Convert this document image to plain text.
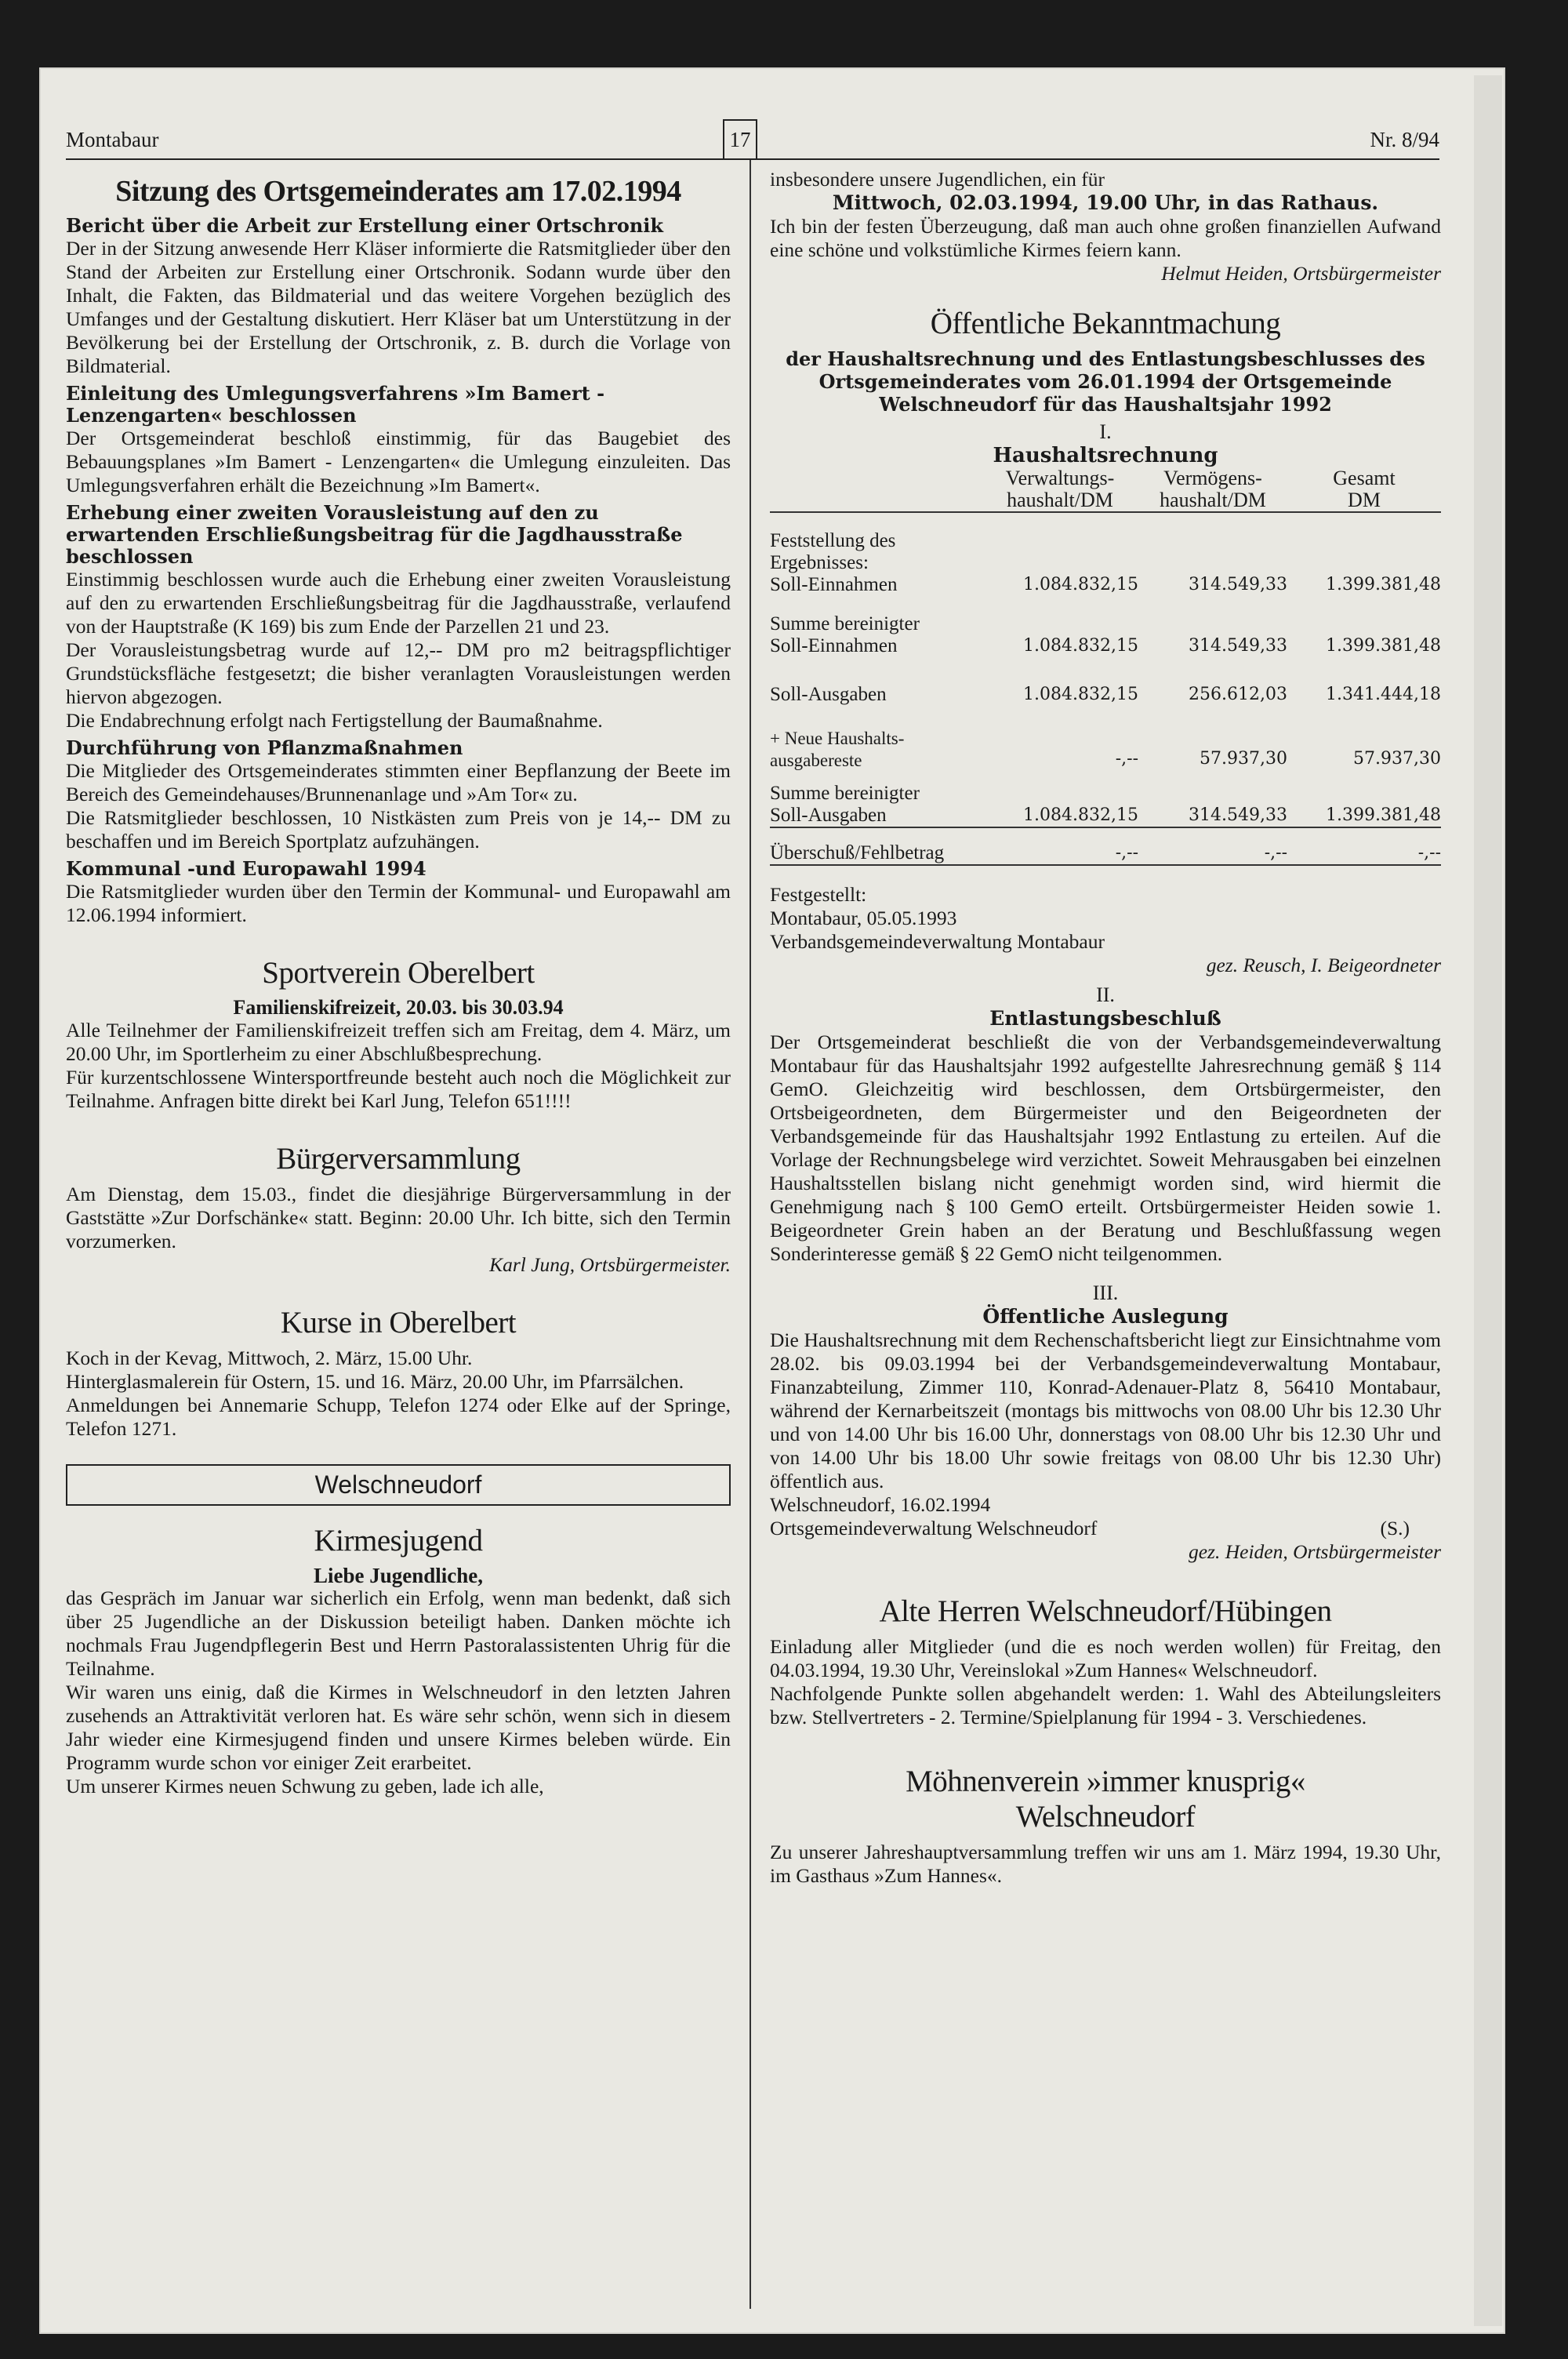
Montabaur	17	Nr. 8/94
Sitzung des Ortsgemeinderates am 17.02.1994
Bericht über die Arbeit zur Erstellung einer Ortschronik

Der in der Sitzung anwesende Herr Kläser informierte die Ratsmitglieder über den Stand der Arbeiten zur Erstellung einer Ortschronik. Sodann wurde über den Inhalt, die Fakten, das Bildmaterial und das weitere Vorgehen bezüglich des Umfanges und der Gestaltung diskutiert. Herr Kläser bat um Unterstützung in der Bevölkerung bei der Erstellung der Ortschronik, z. B. durch die Vorlage von Bildmaterial.

Einleitung des Umlegungsverfahrens »Im Bamert - Lenzengarten« beschlossen

Der Ortsgemeinderat beschloß einstimmig, für das Baugebiet des Bebauungsplanes »Im Bamert - Lenzengarten« die Umlegung einzuleiten. Das Umlegungsverfahren erhält die Bezeichnung »Im Bamert«.

Erhebung einer zweiten Vorausleistung auf den zu erwartenden Erschließungsbeitrag für die Jagdhausstraße beschlossen

Einstimmig beschlossen wurde auch die Erhebung einer zweiten Vorausleistung auf den zu erwartenden Erschließungsbeitrag für die Jagdhausstraße, verlaufend von der Hauptstraße (K 169) bis zum Ende der Parzellen 21 und 23.

Der Vorausleistungsbetrag wurde auf 12,-- DM pro m2 beitragspflichtiger Grundstücksfläche festgesetzt; die bisher veranlagten Vorausleistungen werden hiervon abgezogen.

Die Endabrechnung erfolgt nach Fertigstellung der Baumaßnahme.

Durchführung von Pflanzmaßnahmen

Die Mitglieder des Ortsgemeinderates stimmten einer Bepflanzung der Beete im Bereich des Gemeindehauses/Brunnenanlage und »Am Tor« zu.

Die Ratsmitglieder beschlossen, 10 Nistkästen zum Preis von je 14,-- DM zu beschaffen und im Bereich Sportplatz aufzuhängen.

Kommunal -und Europawahl 1994

Die Ratsmitglieder wurden über den Termin der Kommunal- und Europawahl am 12.06.1994 informiert.

Sportverein Oberelbert
Familienskifreizeit, 20.03. bis 30.03.94

Alle Teilnehmer der Familienskifreizeit treffen sich am Freitag, dem 4. März, um 20.00 Uhr, im Sportlerheim zu einer Abschlußbesprechung.

Für kurzentschlossene Wintersportfreunde besteht auch noch die Möglichkeit zur Teilnahme. Anfragen bitte direkt bei Karl Jung, Telefon 651!!!!

Bürgerversammlung

Am Dienstag, dem 15.03., findet die diesjährige Bürgerversammlung in der Gaststätte »Zur Dorfschänke« statt. Beginn: 20.00 Uhr. Ich bitte, sich den Termin vorzumerken.

Karl Jung, Ortsbürgermeister.
Kurse in Oberelbert

Koch in der Kevag, Mittwoch, 2. März, 15.00 Uhr.

Hinterglasmalerein für Ostern, 15. und 16. März, 20.00 Uhr, im Pfarrsälchen.

Anmeldungen bei Annemarie Schupp, Telefon 1274 oder Elke auf der Springe, Telefon 1271.

Welschneudorf
Kirmesjugend
Liebe Jugendliche,

das Gespräch im Januar war sicherlich ein Erfolg, wenn man bedenkt, daß sich über 25 Jugendliche an der Diskussion beteiligt haben. Danken möchte ich nochmals Frau Jugendpflegerin Best und Herrn Pastoralassistenten Uhrig für die Teilnahme.

Wir waren uns einig, daß die Kirmes in Welschneudorf in den letzten Jahren zusehends an Attraktivität verloren hat. Es wäre sehr schön, wenn sich in diesem Jahr wieder eine Kirmesjugend finden und unsere Kirmes beleben würde. Ein Programm wurde schon vor einiger Zeit erarbeitet.

Um unserer Kirmes neuen Schwung zu geben, lade ich alle,

insbesondere unsere Jugendlichen, ein für

Mittwoch, 02.03.1994, 19.00 Uhr, in das Rathaus.

Ich bin der festen Überzeugung, daß man auch ohne großen finanziellen Aufwand eine schöne und volkstümliche Kirmes feiern kann.

Helmut Heiden, Ortsbürgermeister
Öffentliche Bekanntmachung
der Haushaltsrechnung und des Entlastungsbeschlusses des Ortsgemeinderates vom 26.01.1994 der Ortsgemeinde Welschneudorf für das Haushaltsjahr 1992
I.
Haushaltsrechnung
	Verwaltungs-	Vermögens-	Gesamt
	haushalt/DM	haushalt/DM	DM

Feststellung des			
Ergebnisses:			
Soll-Einnahmen	1.084.832,15	314.549,33	1.399.381,48

Summe bereinigter			
Soll-Einnahmen	1.084.832,15	314.549,33	1.399.381,48

Soll-Ausgaben	1.084.832,15	256.612,03	1.341.444,18

+ Neue Haushalts-			
ausgabereste	-,--	57.937,30	57.937,30

Summe bereinigter			
Soll-Ausgaben	1.084.832,15	314.549,33	1.399.381,48

Überschuß/Fehlbetrag	-,--	-,--	-,--

Festgestellt:

Montabaur, 05.05.1993

Verbandsgemeindeverwaltung Montabaur

gez. Reusch, I. Beigeordneter
II.
Entlastungsbeschluß

Der Ortsgemeinderat beschließt die von der Verbandsgemeindeverwaltung Montabaur für das Haushaltsjahr 1992 aufgestellte Jahresrechnung gemäß § 114 GemO. Gleichzeitig wird beschlossen, dem Ortsbürgermeister, den Ortsbeigeordneten, dem Bürgermeister und den Beigeordneten der Verbandsgemeinde für das Haushaltsjahr 1992 Entlastung zu erteilen. Auf die Vorlage der Rechnungsbelege wird verzichtet. Soweit Mehrausgaben bei einzelnen Haushaltsstellen bislang nicht genehmigt worden sind, wird hiermit die Genehmigung nach § 100 GemO erteilt. Ortsbürgermeister Heiden sowie 1. Beigeordneter Grein haben an der Beratung und Beschlußfassung wegen Sonderinteresse gemäß § 22 GemO nicht teilgenommen.

III.
Öffentliche Auslegung

Die Haushaltsrechnung mit dem Rechenschaftsbericht liegt zur Einsichtnahme vom 28.02. bis 09.03.1994 bei der Verbandsgemeindeverwaltung Montabaur, Finanzabteilung, Zimmer 110, Konrad-Adenauer-Platz 8, 56410 Montabaur, während der Kernarbeitszeit (montags bis mittwochs von 08.00 Uhr bis 12.30 Uhr und von 14.00 Uhr bis 16.00 Uhr, donnerstags von 08.00 Uhr bis 12.30 Uhr und von 14.00 Uhr bis 18.00 Uhr sowie freitags von 08.00 Uhr bis 12.30 Uhr) öffentlich aus.

Welschneudorf, 16.02.1994

Ortsgemeindeverwaltung Welschneudorf	(S.)

gez. Heiden, Ortsbürgermeister
Alte Herren Welschneudorf/Hübingen

Einladung aller Mitglieder (und die es noch werden wollen) für Freitag, den 04.03.1994, 19.30 Uhr, Vereinslokal »Zum Hannes« Welschneudorf.

Nachfolgende Punkte sollen abgehandelt werden: 1. Wahl des Abteilungsleiters bzw. Stellvertreters - 2. Termine/Spielplanung für 1994 - 3. Verschiedenes.

Möhnenverein »immer knusprig«
Welschneudorf

Zu unserer Jahreshauptversammlung treffen wir uns am 1. März 1994, 19.30 Uhr, im Gasthaus »Zum Hannes«.
